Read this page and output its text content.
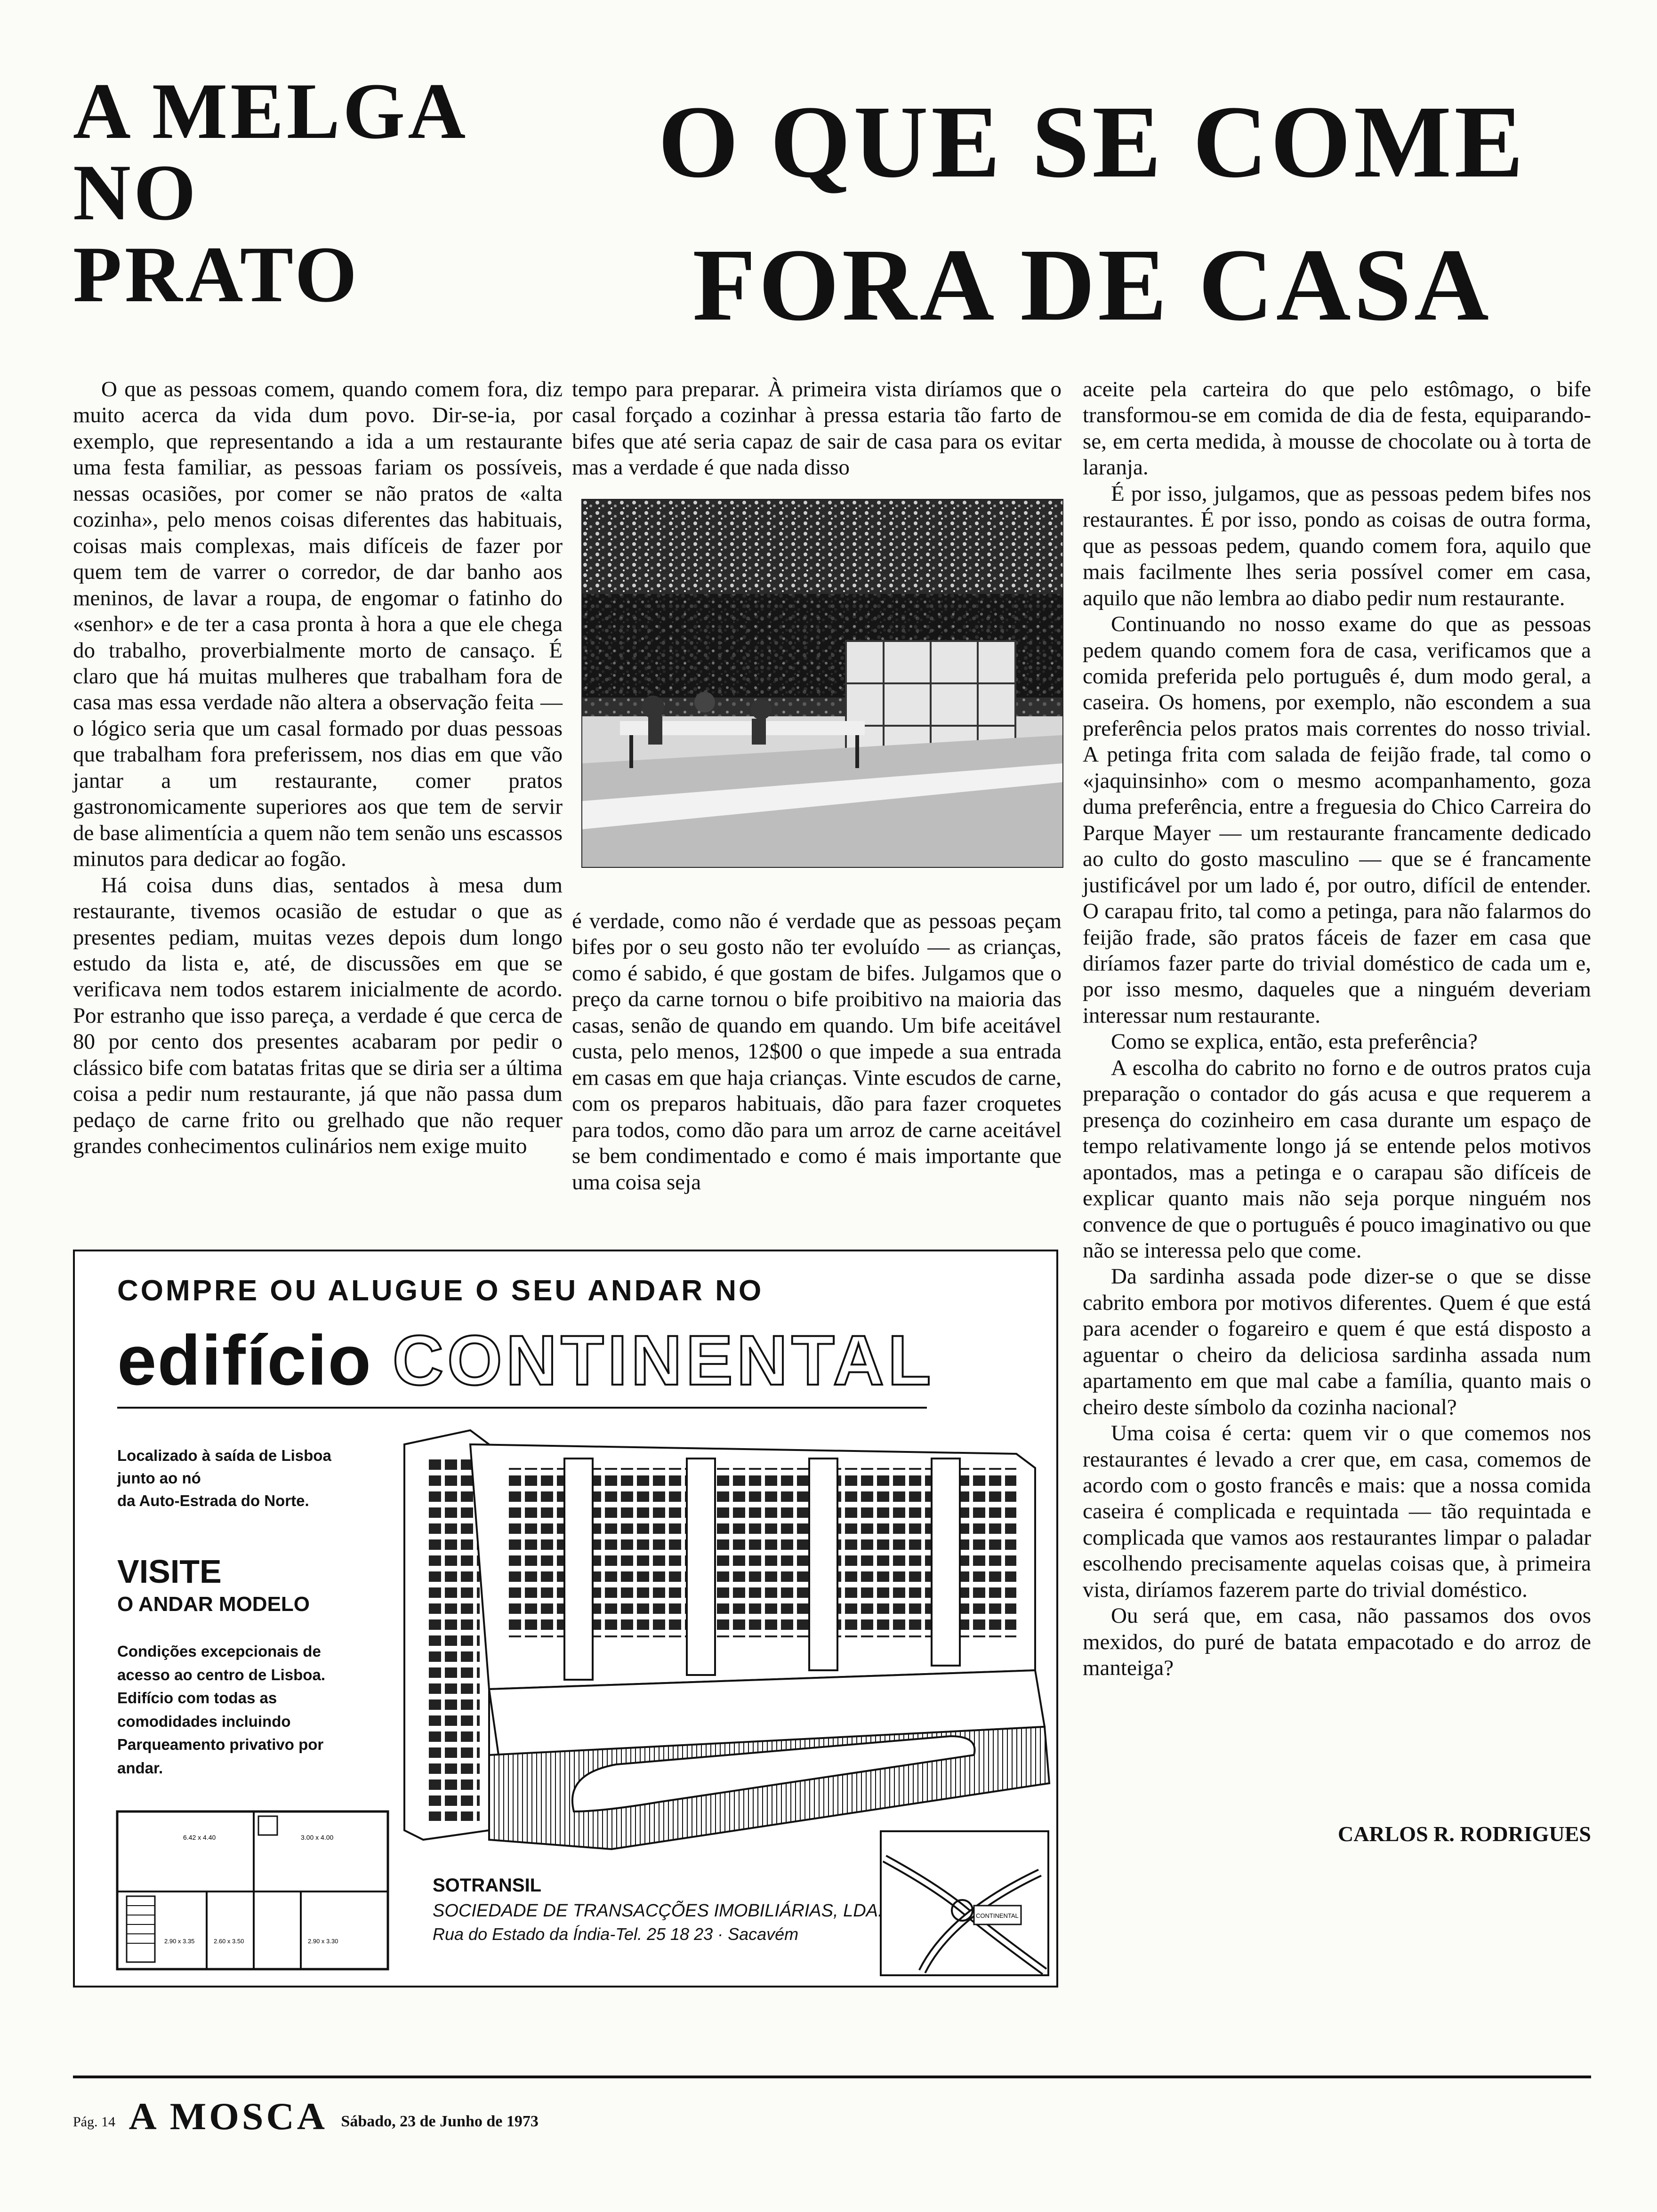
A MELGA
NO
PRATO
O QUE SE COME
FORA DE CASA

O que as pessoas comem, quando comem fora, diz muito acerca da vida dum povo. Dir-se-ia, por exemplo, que representando a ida a um restaurante uma festa familiar, as pessoas fariam os possíveis, nessas ocasiões, por comer se não pratos de «alta cozinha», pelo menos coisas diferentes das habituais, coisas mais complexas, mais difíceis de fazer por quem tem de varrer o corredor, de dar banho aos meninos, de lavar a roupa, de engomar o fatinho do «senhor» e de ter a casa pronta à hora a que ele chega do trabalho, proverbialmente morto de cansaço. É claro que há muitas mulheres que trabalham fora de casa mas essa verdade não altera a observação feita — o lógico seria que um casal formado por duas pessoas que trabalham fora preferissem, nos dias em que vão jantar a um restaurante, comer pratos gastronomicamente superiores aos que tem de servir de base alimentícia a quem não tem senão uns escassos minutos para dedicar ao fogão.

Há coisa duns dias, sentados à mesa dum restaurante, tivemos ocasião de estudar o que as presentes pediam, muitas vezes depois dum longo estudo da lista e, até, de discussões em que se verificava nem todos estarem inicialmente de acordo. Por estranho que isso pareça, a verdade é que cerca de 80 por cento dos presentes acabaram por pedir o clássico bife com batatas fritas que se diria ser a última coisa a pedir num restaurante, já que não passa dum pedaço de carne frito ou grelhado que não requer grandes conhecimentos culinários nem exige muito

tempo para preparar. À primeira vista diríamos que o casal forçado a cozinhar à pressa estaria tão farto de bifes que até seria capaz de sair de casa para os evitar mas a verdade é que nada disso

é verdade, como não é verdade que as pessoas peçam bifes por o seu gosto não ter evoluído — as crianças, como é sabido, é que gostam de bifes. Julgamos que o preço da carne tornou o bife proibitivo na maioria das casas, senão de quando em quando. Um bife aceitável custa, pelo menos, 12$00 o que impede a sua entrada em casas em que haja crianças. Vinte escudos de carne, com os preparos habituais, dão para fazer croquetes para todos, como dão para um arroz de carne aceitável se bem condimentado e como é mais importante que uma coisa seja

aceite pela carteira do que pelo estômago, o bife transformou-se em comida de dia de festa, equiparando-se, em certa medida, à mousse de chocolate ou à torta de laranja.

É por isso, julgamos, que as pessoas pedem bifes nos restaurantes. É por isso, pondo as coisas de outra forma, que as pessoas pedem, quando comem fora, aquilo que mais facilmente lhes seria possível comer em casa, aquilo que não lembra ao diabo pedir num restaurante.

Continuando no nosso exame do que as pessoas pedem quando comem fora de casa, verificamos que a comida preferida pelo português é, dum modo geral, a caseira. Os homens, por exemplo, não escondem a sua preferência pelos pratos mais correntes do nosso trivial. A petinga frita com salada de feijão frade, tal como o «jaquinsinho» com o mesmo acompanhamento, goza duma preferência, entre a freguesia do Chico Carreira do Parque Mayer — um restaurante francamente dedicado ao culto do gosto masculino — que se é francamente justificável por um lado é, por outro, difícil de entender. O carapau frito, tal como a petinga, para não falarmos do feijão frade, são pratos fáceis de fazer em casa que diríamos fazer parte do trivial doméstico de cada um e, por isso mesmo, daqueles que a ninguém deveriam interessar num restaurante.

Como se explica, então, esta preferência?

A escolha do cabrito no forno e de outros pratos cuja preparação o contador do gás acusa e que requerem a presença do cozinheiro em casa durante um espaço de tempo relativamente longo já se entende pelos motivos apontados, mas a petinga e o carapau são difíceis de explicar quanto mais não seja porque ninguém nos convence de que o português é pouco imaginativo ou que não se interessa pelo que come.

Da sardinha assada pode dizer-se o que se disse cabrito embora por motivos diferentes. Quem é que está para acender o fogareiro e quem é que está disposto a aguentar o cheiro da deliciosa sardinha assada num apartamento em que mal cabe a família, quanto mais o cheiro deste símbolo da cozinha nacional?

Uma coisa é certa: quem vir o que comemos nos restaurantes é levado a crer que, em casa, comemos de acordo com o gosto francês e mais: que a nossa comida caseira é complicada e requintada — tão requintada e complicada que vamos aos restaurantes limpar o paladar escolhendo precisamente aquelas coisas que, à primeira vista, diríamos fazerem parte do trivial doméstico.

Ou será que, em casa, não passamos dos ovos mexidos, do puré de batata empacotado e do arroz de manteiga?

CARLOS R. RODRIGUES
COMPRE OU ALUGUE O SEU ANDAR NO
edifício CONTINENTAL
Localizado à saída de Lisboa
junto ao nó
da Auto-Estrada do Norte.
VISITE
O ANDAR MODELO
Condições excepcionais de
acesso ao centro de Lisboa.
Edifício com todas as
comodidades incluindo
Parqueamento privativo por
andar.
6.42 x 4.40	3.00 x 4.00
2.90 x 3.35	2.60 x 3.50	2.90 x 3.30
CONTINENTAL
SOTRANSIL
SOCIEDADE DE TRANSACÇÕES IMOBILIÁRIAS, LDA.
Rua do Estado da Índia-Tel. 25 18 23 · Sacavém
Pág. 14 A MOSCA Sábado, 23 de Junho de 1973
